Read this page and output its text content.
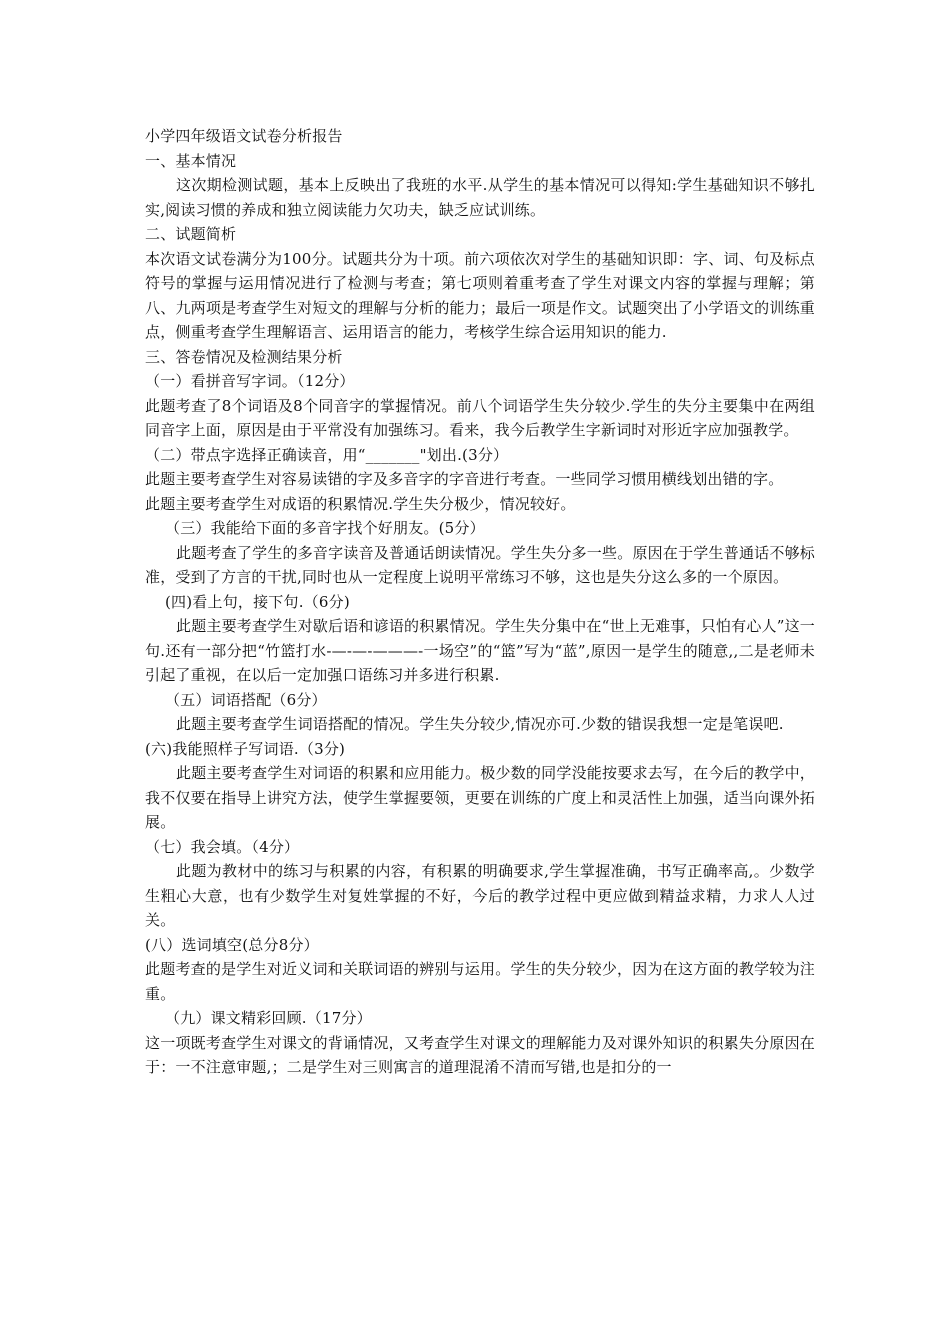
小学四年级语文试卷分析报告

一、基本情况

这次期检测试题，基本上反映出了我班的水平.从学生的基本情况可以得知:学生基础知识不够扎实,阅读习惯的养成和独立阅读能力欠功夫，缺乏应试训练。

二、试题简析

本次语文试卷满分为100分。试题共分为十项。前六项依次对学生的基础知识即：字、词、句及标点符号的掌握与运用情况进行了检测与考查；第七项则着重考查了学生对课文内容的掌握与理解；第八、九两项是考查学生对短文的理解与分析的能力；最后一项是作文。试题突出了小学语文的训练重点，侧重考查学生理解语言、运用语言的能力，考核学生综合运用知识的能力.

三、答卷情况及检测结果分析

（一）看拼音写字词。（12分）

此题考查了8个词语及8个同音字的掌握情况。前八个词语学生失分较少.学生的失分主要集中在两组同音字上面，原因是由于平常没有加强练习。看来，我今后教学生字新词时对形近字应加强教学。

（二）带点字选择正确读音，用“_______"划出.(3分）

此题主要考查学生对容易读错的字及多音字的字音进行考查。一些同学习惯用横线划出错的字。

此题主要考查学生对成语的积累情况.学生失分极少，情况较好。

（三）我能给下面的多音字找个好朋友。(5分）

此题考查了学生的多音字读音及普通话朗读情况。学生失分多一些。原因在于学生普通话不够标准，受到了方言的干扰,同时也从一定程度上说明平常练习不够，这也是失分这么多的一个原因。

(四)看上句，接下句.（6分)

此题主要考查学生对歇后语和谚语的积累情况。学生失分集中在“世上无难事，只怕有心人”这一句.还有一部分把“竹篮打水-—-—-———-一场空”的“篮”写为“蓝”,原因一是学生的随意,,二是老师未引起了重视，在以后一定加强口语练习并多进行积累.

（五）词语搭配（6分）

此题主要考查学生词语搭配的情况。学生失分较少,情况亦可.少数的错误我想一定是笔误吧.

(六)我能照样子写词语.（3分)

此题主要考查学生对词语的积累和应用能力。极少数的同学没能按要求去写，在今后的教学中，我不仅要在指导上讲究方法，使学生掌握要领，更要在训练的广度上和灵活性上加强，适当向课外拓展。

（七）我会填。（4分）

此题为教材中的练习与积累的内容，有积累的明确要求,学生掌握准确，书写正确率高,。少数学生粗心大意，也有少数学生对复姓掌握的不好，今后的教学过程中更应做到精益求精，力求人人过关。

(八）选词填空(总分8分）

此题考查的是学生对近义词和关联词语的辨别与运用。学生的失分较少，因为在这方面的教学较为注重。

（九）课文精彩回顾.（17分）

这一项既考查学生对课文的背诵情况，又考查学生对课文的理解能力及对课外知识的积累失分原因在于：一不注意审题,；二是学生对三则寓言的道理混淆不清而写错,也是扣分的一
